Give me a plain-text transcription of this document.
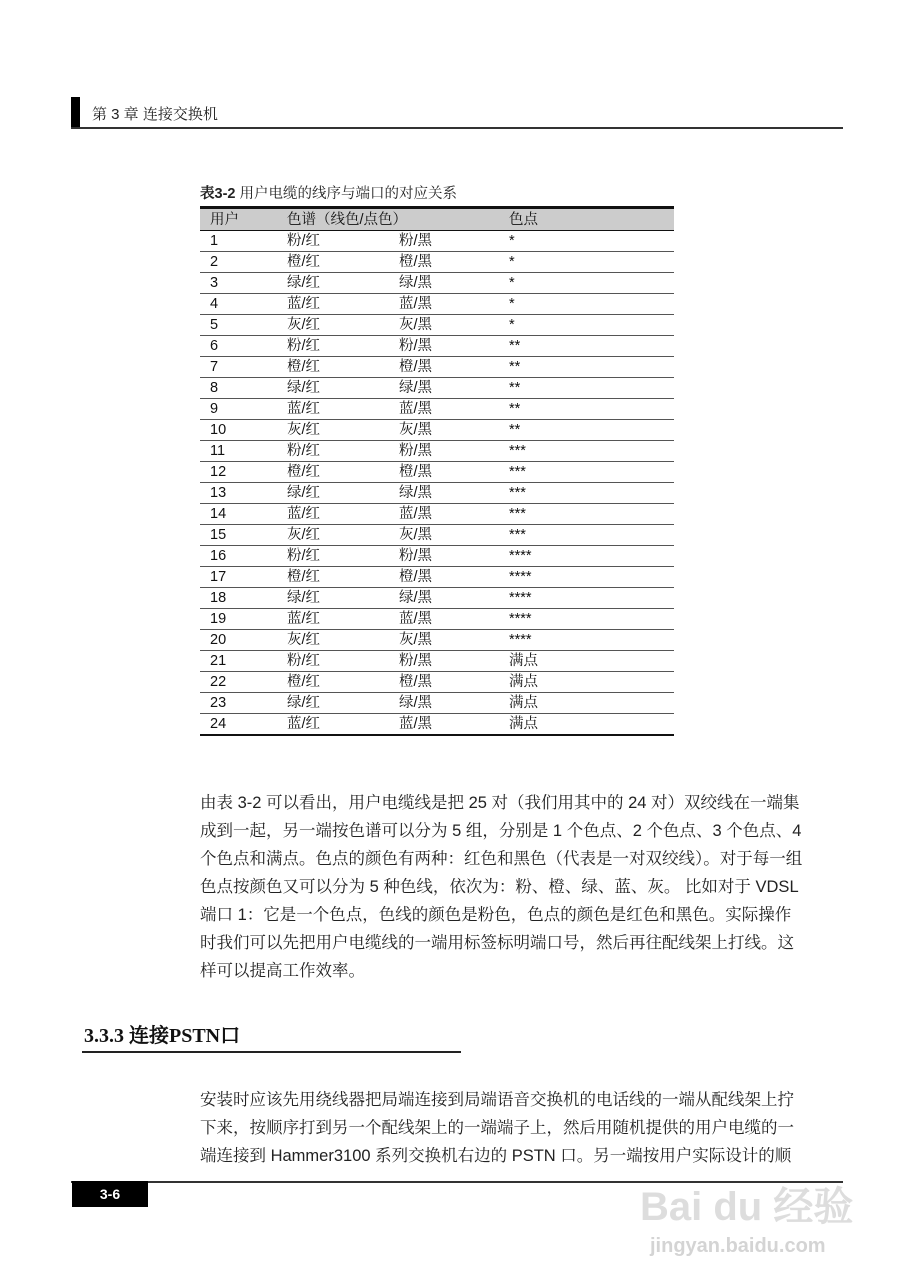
第 3 章 连接交换机
表3-2 用户电缆的线序与端口的对应关系
用户	色谱（线色/点色）		色点
1	粉/红	粉/黑	*
2	橙/红	橙/黑	*
3	绿/红	绿/黑	*
4	蓝/红	蓝/黑	*
5	灰/红	灰/黑	*
6	粉/红	粉/黑	**
7	橙/红	橙/黑	**
8	绿/红	绿/黑	**
9	蓝/红	蓝/黑	**
10	灰/红	灰/黑	**
11	粉/红	粉/黑	***
12	橙/红	橙/黑	***
13	绿/红	绿/黑	***
14	蓝/红	蓝/黑	***
15	灰/红	灰/黑	***
16	粉/红	粉/黑	****
17	橙/红	橙/黑	****
18	绿/红	绿/黑	****
19	蓝/红	蓝/黑	****
20	灰/红	灰/黑	****
21	粉/红	粉/黑	满点
22	橙/红	橙/黑	满点
23	绿/红	绿/黑	满点
24	蓝/红	蓝/黑	满点
由表 3-2 可以看出，用户电缆线是把 25 对（我们用其中的 24 对）双绞线在一端集
成到一起，另一端按色谱可以分为 5 组，分别是 1 个色点、2 个色点、3 个色点、4
个色点和满点。色点的颜色有两种：红色和黑色（代表是一对双绞线）。对于每一组
色点按颜色又可以分为 5 种色线，依次为：粉、橙、绿、蓝、灰。 比如对于 VDSL
端口 1：它是一个色点，色线的颜色是粉色，色点的颜色是红色和黑色。实际操作
时我们可以先把用户电缆线的一端用标签标明端口号，然后再往配线架上打线。这
样可以提高工作效率。
3.3.3 连接PSTN口
安装时应该先用绕线器把局端连接到局端语音交换机的电话线的一端从配线架上拧
下来，按顺序打到另一个配线架上的一端端子上，然后用随机提供的用户电缆的一
端连接到 Hammer3100 系列交换机右边的 PSTN 口。另一端按用户实际设计的顺
3-6	Bai du 经验
jingyan.baidu.com
